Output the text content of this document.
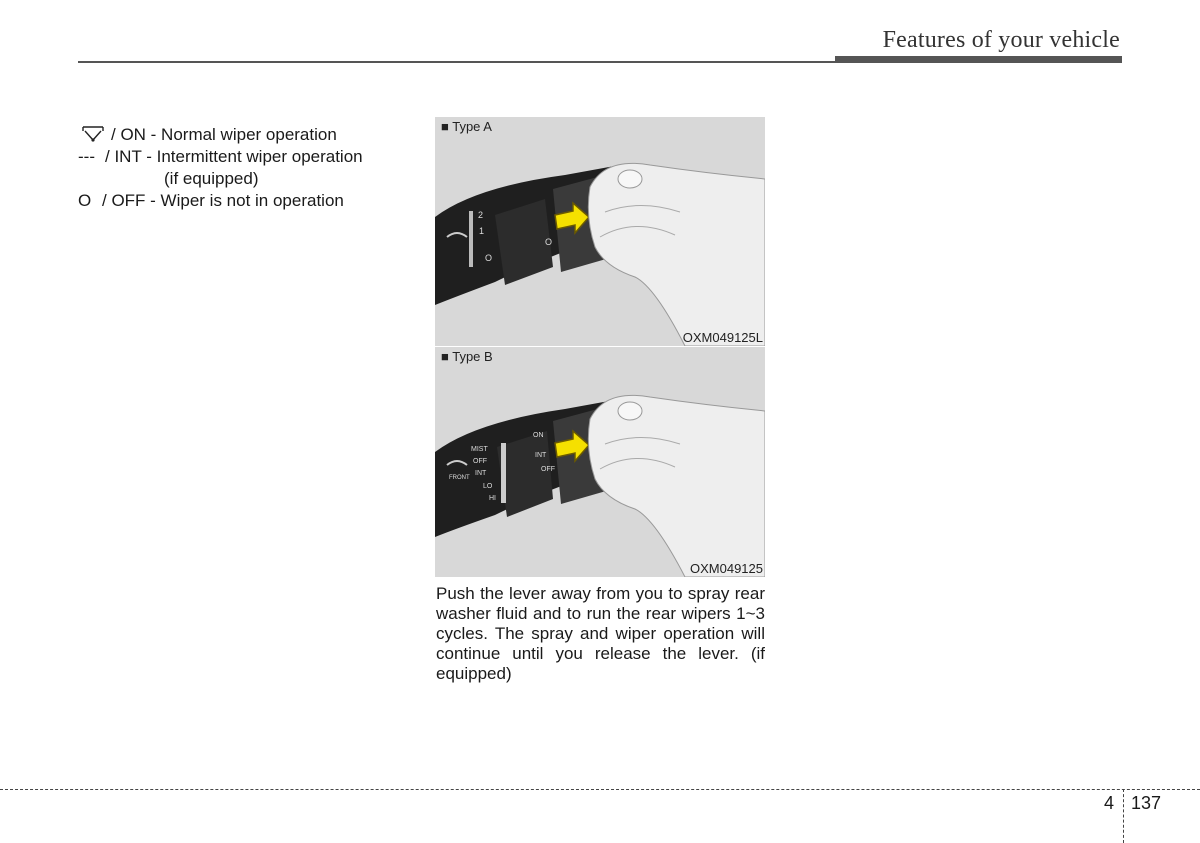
Features of your vehicle
/ ON - Normal wiper operation
--- / INT - Intermittent wiper operation
(if equipped)
O / OFF - Wiper is not in operation
2
1
O
O
■ Type A
OXM049125L
MIST
OFF
INT
LO
HI
FRONT
ON
INT
OFF
■ Type B
OXM049125
Push the lever away from you to spray rear washer fluid and to run the rear wipers 1~3 cycles. The spray and wiper operation will continue until you release the lever. (if equipped)
4 137
